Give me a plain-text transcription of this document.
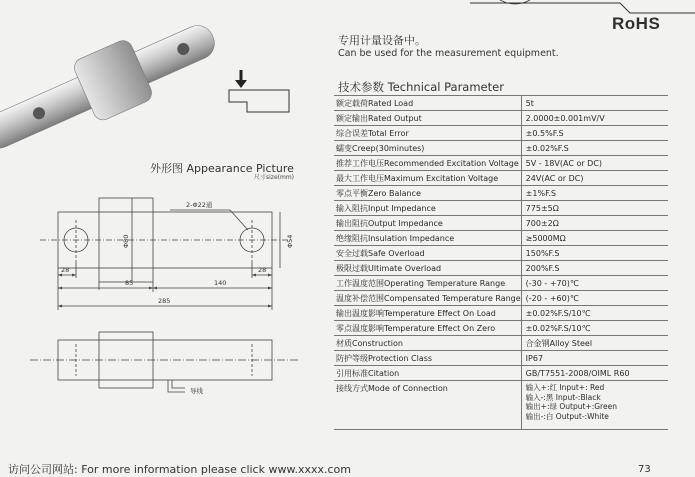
RoHS
专用计量设备中。
Can be used for the measurement equipment.
技术参数 Technical Parameter
额定载荷Rated Load	5t
额定输出Rated Output	2.0000±0.001mV/V
综合误差Total Error	±0.5%F.S
蠕变Creep(30minutes)	±0.02%F.S
推荐工作电压Recommended Excitation Voltage	5V - 18V(AC or DC)
最大工作电压Maximum Excitation Voltage	24V(AC or DC)
零点平衡Zero Balance	±1%F.S
输入阻抗Input Impedance	775±5Ω
输出阻抗Output Impedance	700±2Ω
绝缘阻抗Insulation Impedance	≥5000MΩ
安全过载Safe Overload	150%F.S
极限过载Ultimate Overload	200%F.S
工作温度范围Operating Temperature Range	(-30 - +70)℃
温度补偿范围Compensated Temperature Range	(-20 - +60)℃
输出温度影响Temperature Effect On Load	±0.02%F.S/10℃
零点温度影响Temperature Effect On Zero	±0.02%F.S/10℃
材质Construction	合金钢Alloy Steel
防护等级Protection Class	IP67
引用标准Citation	GB/T7551-2008/OIML R60
接线方式Mode of Connection	输入+:红 Input+: Red
输入-:黑 Input-:Black
输出+:绿 Output+:Green
输出-:白 Output-:White
外形图 Appearance Picture
尺寸size(mm)
2-Φ22通
Φ80	Φ54
28	28
85	140
285
导线
访问公司网站: For more information please click www.xxxx.com	73
